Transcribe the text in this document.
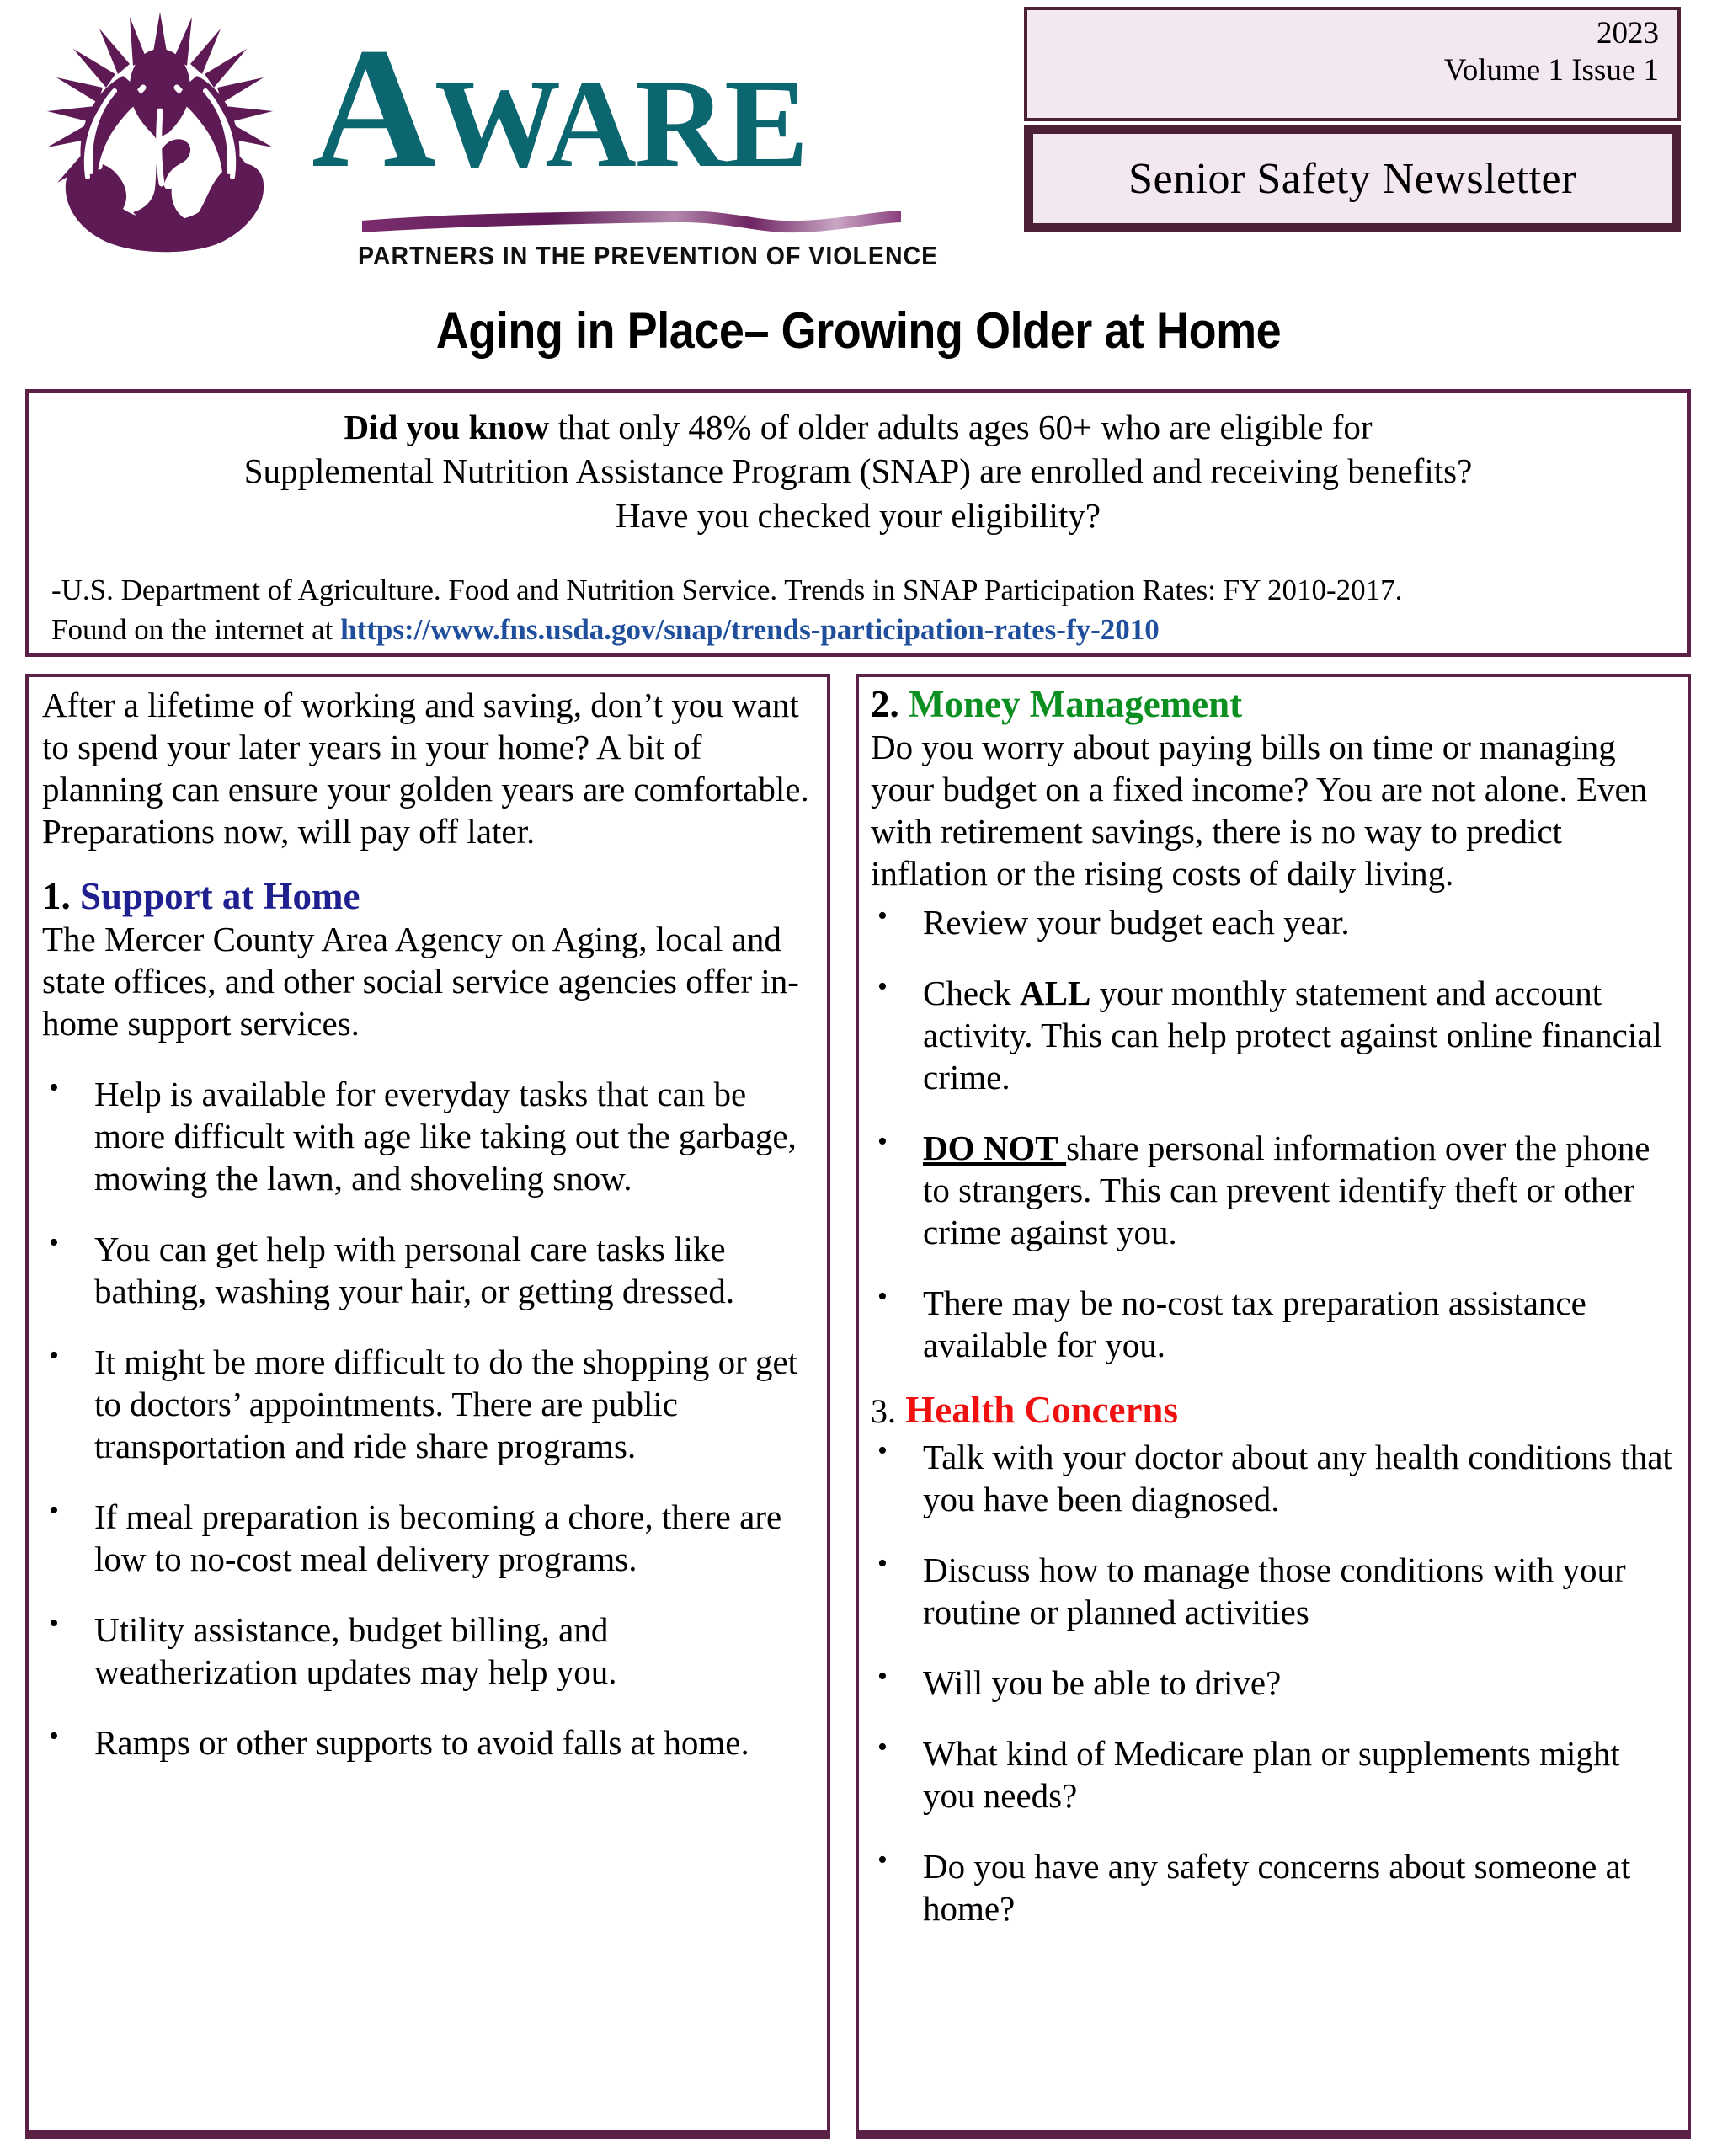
AWARE
PARTNERS IN THE PREVENTION OF VIOLENCE
2023
Volume 1 Issue 1
Senior Safety Newsletter
Aging in Place– Growing Older at Home
Did you know that only 48% of older adults ages 60+ who are eligible for
Supplemental Nutrition Assistance Program (SNAP) are enrolled and receiving benefits?
Have you checked your eligibility?
-U.S. Department of Agriculture. Food and Nutrition Service. Trends in SNAP Participation Rates: FY 2010-2017.
Found on the internet at https://www.fns.usda.gov/snap/trends-participation-rates-fy-2010

After a lifetime of working and saving, don’t you want to spend your later years in your home? A bit of planning can ensure your golden years are comfortable. Preparations now, will pay off later.

1. Support at Home

The Mercer County Area Agency on Aging, local and state offices, and other social service agencies offer in-home support services.

• Help is available for everyday tasks that can be more difficult with age like taking out the garbage, mowing the lawn, and shoveling snow.
• You can get help with personal care tasks like bathing, washing your hair, or getting dressed.
• It might be more difficult to do the shopping or get to doctors’ appointments. There are public transportation and ride share programs.
• If meal preparation is becoming a chore, there are low to no-cost meal delivery programs.
• Utility assistance, budget billing, and weatherization updates may help you.
• Ramps or other supports to avoid falls at home.
2. Money Management

Do you worry about paying bills on time or managing your budget on a fixed income? You are not alone. Even with retirement savings, there is no way to predict inflation or the rising costs of daily living.

• Review your budget each year.
• Check ALL your monthly statement and account activity. This can help protect against online financial crime.
• DO NOT share personal information over the phone to strangers. This can prevent identify theft or other crime against you.
• There may be no-cost tax preparation assistance available for you.
3. Health Concerns
• Talk with your doctor about any health conditions that you have been diagnosed.
• Discuss how to manage those conditions with your routine or planned activities
• Will you be able to drive?
• What kind of Medicare plan or supplements might you needs?
• Do you have any safety concerns about someone at home?
